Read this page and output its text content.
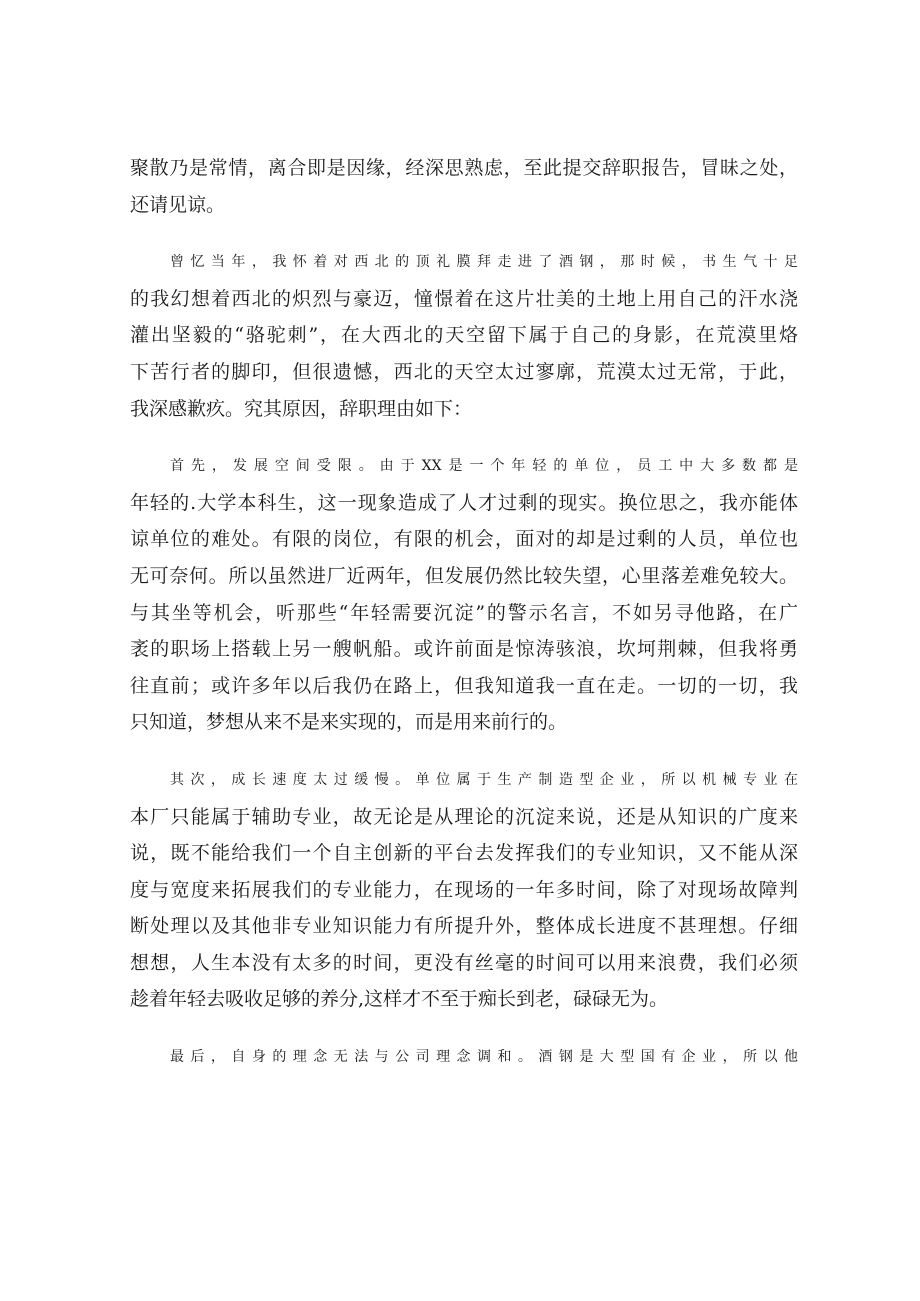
聚散乃是常情，离合即是因缘，经深思熟虑，至此提交辞职报告，冒昧之处，
还请见谅。
曾忆当年，我怀着对西北的顶礼膜拜走进了酒钢，那时候，书生气十足
的我幻想着西北的炽烈与豪迈，憧憬着在这片壮美的土地上用自己的汗水浇
灌出坚毅的“骆驼刺”，在大西北的天空留下属于自己的身影，在荒漠里烙
下苦行者的脚印，但很遗憾，西北的天空太过寥廓，荒漠太过无常，于此，
我深感歉疚。究其原因，辞职理由如下：
首先，发展空间受限。由于XX是一个年轻的单位，员工中大多数都是
年轻的.大学本科生，这一现象造成了人才过剩的现实。换位思之，我亦能体
谅单位的难处。有限的岗位，有限的机会，面对的却是过剩的人员，单位也
无可奈何。所以虽然进厂近两年，但发展仍然比较失望，心里落差难免较大。
与其坐等机会，听那些“年轻需要沉淀”的警示名言，不如另寻他路，在广
袤的职场上搭载上另一艘帆船。或许前面是惊涛骇浪，坎坷荆棘，但我将勇
往直前；或许多年以后我仍在路上，但我知道我一直在走。一切的一切，我
只知道，梦想从来不是来实现的，而是用来前行的。
其次，成长速度太过缓慢。单位属于生产制造型企业，所以机械专业在
本厂只能属于辅助专业，故无论是从理论的沉淀来说，还是从知识的广度来
说，既不能给我们一个自主创新的平台去发挥我们的专业知识，又不能从深
度与宽度来拓展我们的专业能力，在现场的一年多时间，除了对现场故障判
断处理以及其他非专业知识能力有所提升外，整体成长进度不甚理想。仔细
想想，人生本没有太多的时间，更没有丝毫的时间可以用来浪费，我们必须
趁着年轻去吸收足够的养分,这样才不至于痴长到老，碌碌无为。
最后，自身的理念无法与公司理念调和。酒钢是大型国有企业，所以他
